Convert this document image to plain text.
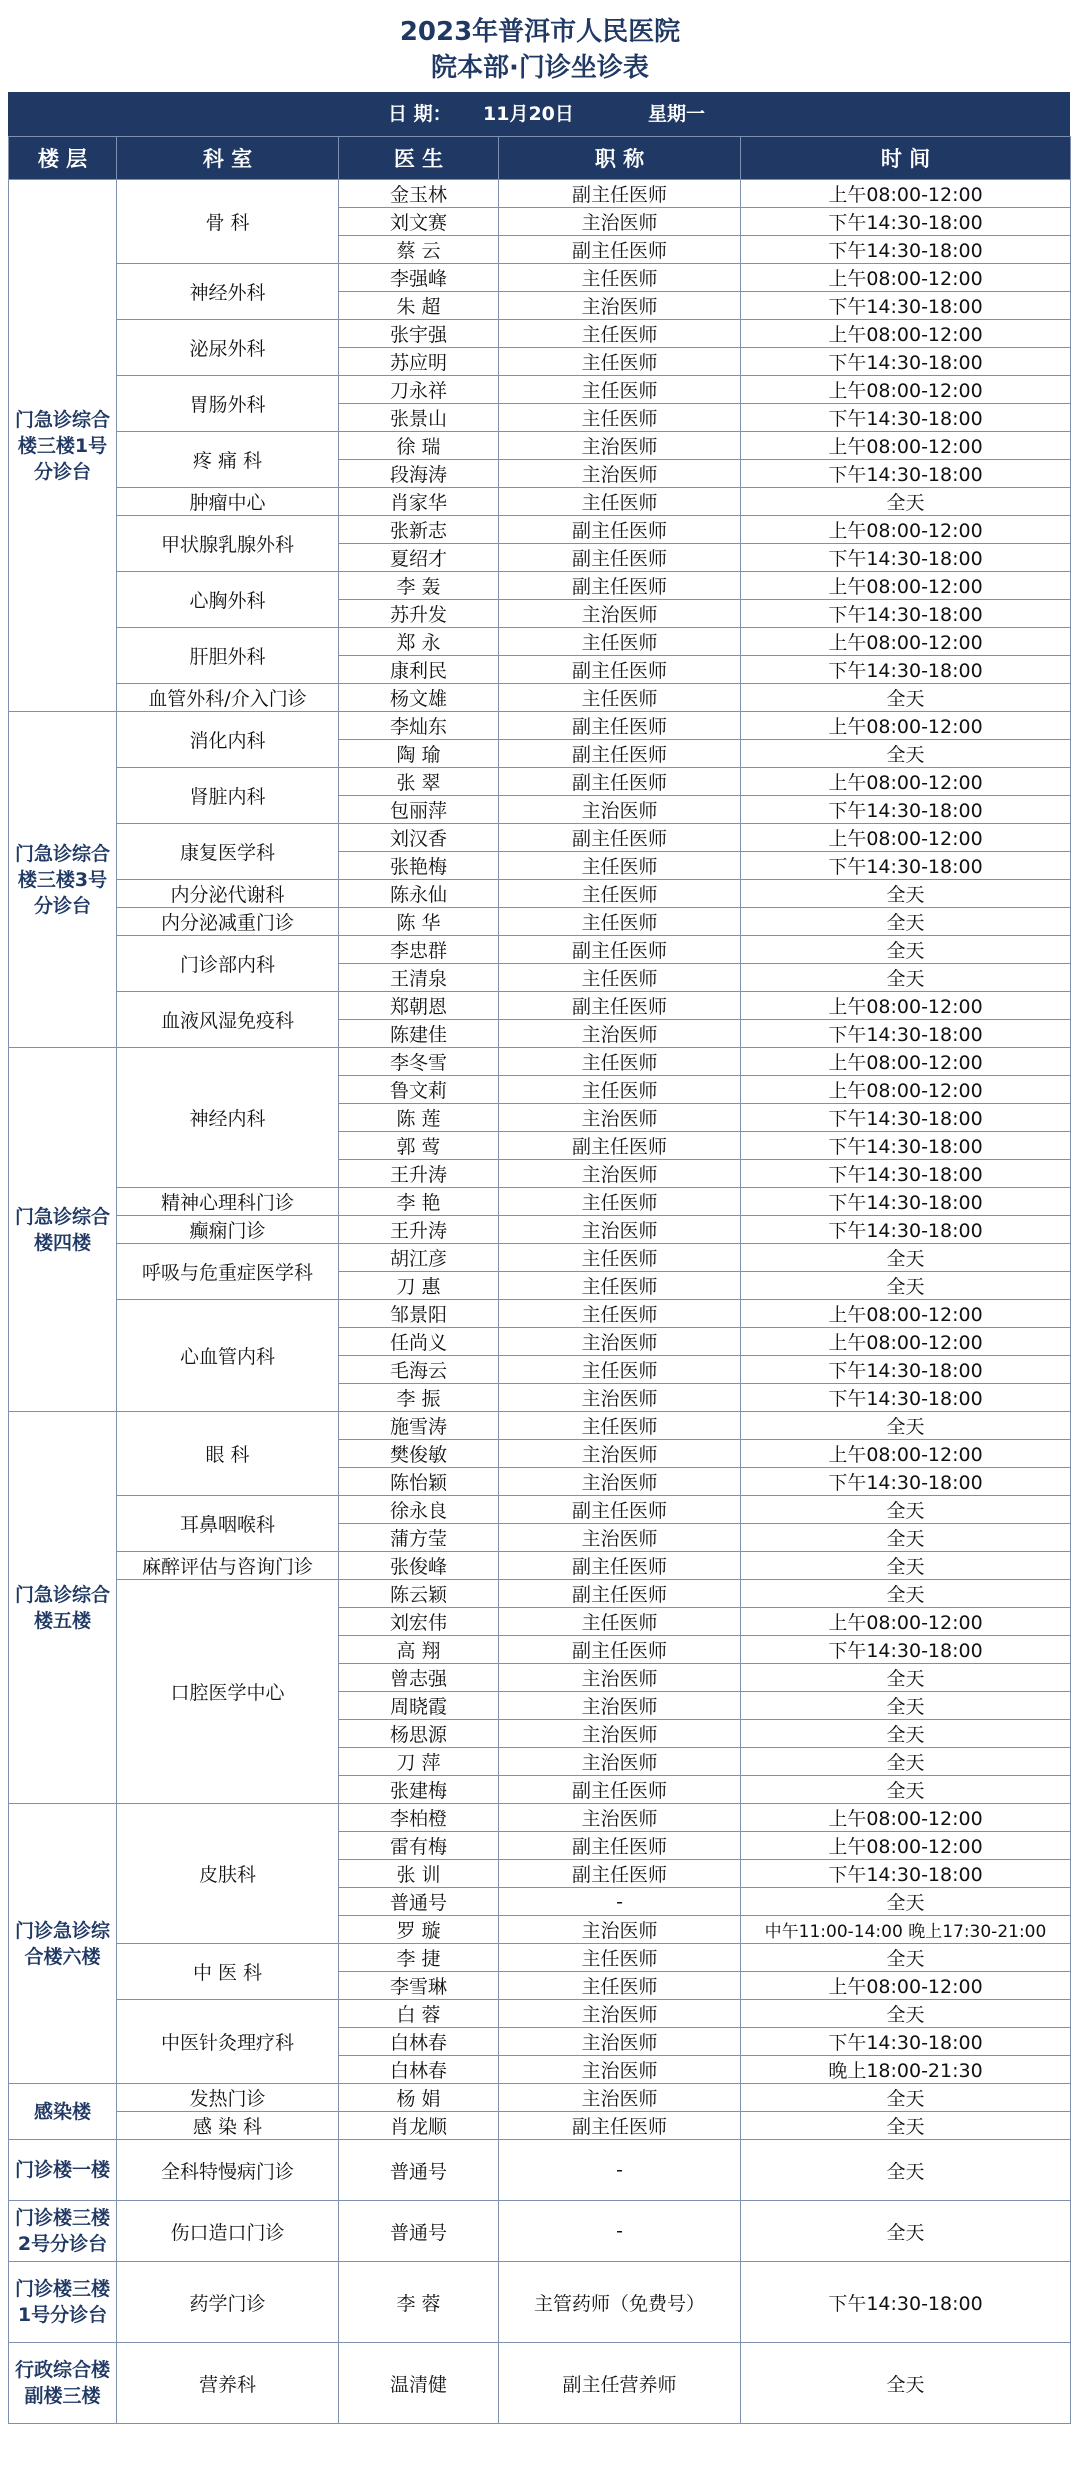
2023年普洱市人民医院
院本部·门诊坐诊表
日 期： 11月20日	星期一
楼 层	科 室	医 生	职 称	时 间
门急诊综合楼三楼1号分诊台	骨 科	金玉林	副主任医师	上午08:00-12:00
		刘文赛	主治医师	下午14:30-18:00
		蔡 云	副主任医师	下午14:30-18:00
	神经外科	李强峰	主任医师	上午08:00-12:00
		朱 超	主治医师	下午14:30-18:00
	泌尿外科	张宇强	主任医师	上午08:00-12:00
		苏应明	主任医师	下午14:30-18:00
	胃肠外科	刀永祥	主任医师	上午08:00-12:00
		张景山	主任医师	下午14:30-18:00
	疼 痛 科	徐 瑞	主治医师	上午08:00-12:00
		段海涛	主治医师	下午14:30-18:00
	肿瘤中心	肖家华	主任医师	全天
	甲状腺乳腺外科	张新志	副主任医师	上午08:00-12:00
		夏绍才	副主任医师	下午14:30-18:00
	心胸外科	李 轰	副主任医师	上午08:00-12:00
		苏升发	主治医师	下午14:30-18:00
	肝胆外科	郑 永	主任医师	上午08:00-12:00
		康利民	副主任医师	下午14:30-18:00
	血管外科/介入门诊	杨文雄	主任医师	全天
门急诊综合楼三楼3号分诊台	消化内科	李灿东	副主任医师	上午08:00-12:00
		陶 瑜	副主任医师	全天
	肾脏内科	张 翠	副主任医师	上午08:00-12:00
		包丽萍	主治医师	下午14:30-18:00
	康复医学科	刘汉香	副主任医师	上午08:00-12:00
		张艳梅	主任医师	下午14:30-18:00
	内分泌代谢科	陈永仙	主任医师	全天
	内分泌减重门诊	陈 华	主任医师	全天
	门诊部内科	李忠群	副主任医师	全天
		王清泉	主任医师	全天
	血液风湿免疫科	郑朝恩	副主任医师	上午08:00-12:00
		陈建佳	主治医师	下午14:30-18:00
门急诊综合楼四楼	神经内科	李冬雪	主任医师	上午08:00-12:00
		鲁文莉	主任医师	上午08:00-12:00
		陈 莲	主治医师	下午14:30-18:00
		郭 莺	副主任医师	下午14:30-18:00
		王升涛	主治医师	下午14:30-18:00
	精神心理科门诊	李 艳	主任医师	下午14:30-18:00
	癫痫门诊	王升涛	主治医师	下午14:30-18:00
	呼吸与危重症医学科	胡江彦	主任医师	全天
		刀 惠	主任医师	全天
	心血管内科	邹景阳	主任医师	上午08:00-12:00
		任尚义	主治医师	上午08:00-12:00
		毛海云	主任医师	下午14:30-18:00
		李 振	主治医师	下午14:30-18:00
门急诊综合楼五楼	眼 科	施雪涛	主任医师	全天
		樊俊敏	主治医师	上午08:00-12:00
		陈怡颖	主治医师	下午14:30-18:00
	耳鼻咽喉科	徐永良	副主任医师	全天
		蒲方莹	主治医师	全天
	麻醉评估与咨询门诊	张俊峰	副主任医师	全天
	口腔医学中心	陈云颖	副主任医师	全天
		刘宏伟	主任医师	上午08:00-12:00
		高 翔	副主任医师	下午14:30-18:00
		曾志强	主治医师	全天
		周晓霞	主治医师	全天
		杨思源	主治医师	全天
		刀 萍	主治医师	全天
		张建梅	副主任医师	全天
门诊急诊综合楼六楼	皮肤科	李柏橙	主治医师	上午08:00-12:00
		雷有梅	副主任医师	上午08:00-12:00
		张 训	副主任医师	下午14:30-18:00
		普通号	-	全天
		罗 璇	主治医师	中午11:00-14:00 晚上17:30-21:00
	中 医 科	李 捷	主任医师	全天
		李雪琳	主任医师	上午08:00-12:00
	中医针灸理疗科	白 蓉	主治医师	全天
		白林春	主治医师	下午14:30-18:00
		白林春	主治医师	晚上18:00-21:30
感染楼	发热门诊	杨 娟	主治医师	全天
	感 染 科	肖龙顺	副主任医师	全天
门诊楼一楼	全科特慢病门诊	普通号	-	全天
门诊楼三楼2号分诊台	伤口造口门诊	普通号	-	全天
门诊楼三楼1号分诊台	药学门诊	李 蓉	主管药师（免费号）	下午14:30-18:00
行政综合楼副楼三楼	营养科	温清健	副主任营养师	全天
